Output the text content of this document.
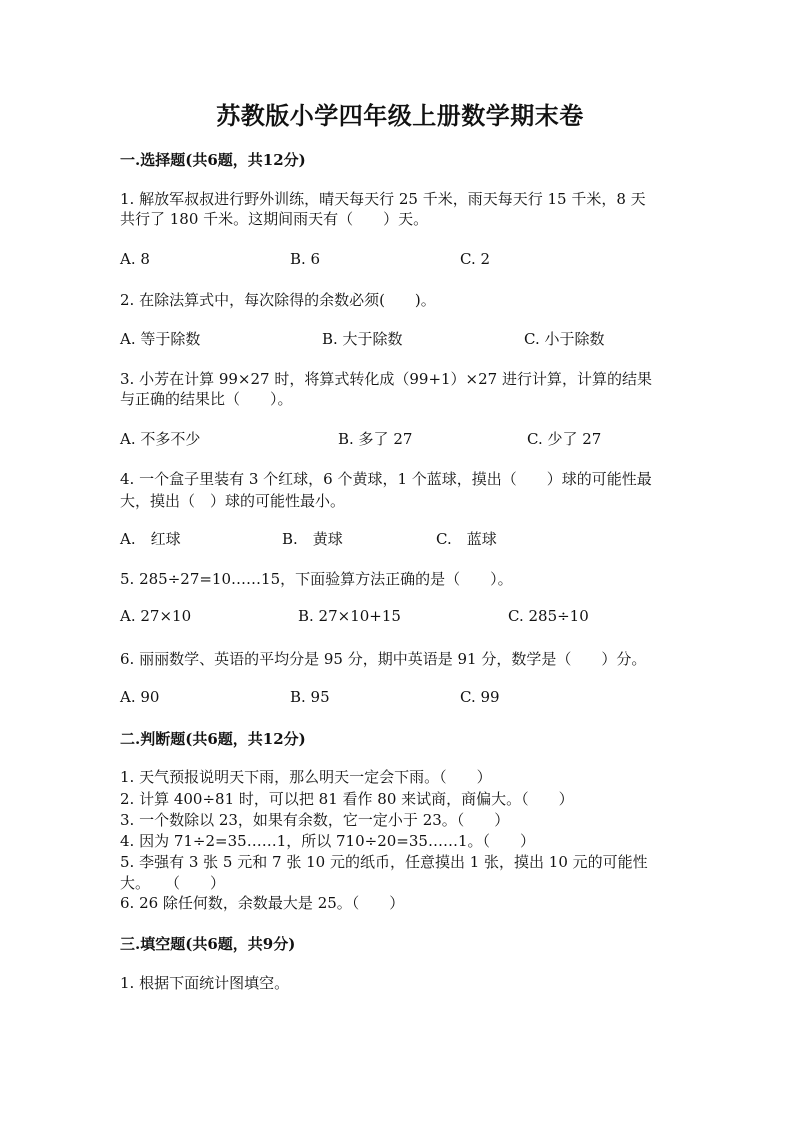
苏教版小学四年级上册数学期末卷
一.选择题(共6题，共12分)
1. 解放军叔叔进行野外训练，晴天每天行 25 千米，雨天每天行 15 千米，8 天
共行了 180 千米。这期间雨天有（　　）天。
A. 8	B. 6	C. 2
2. 在除法算式中，每次除得的余数必须(　　)。
A. 等于除数	B. 大于除数	C. 小于除数
3. 小芳在计算 99×27 时，将算式转化成（99+1）×27 进行计算，计算的结果
与正确的结果比（　　）。
A. 不多不少	B. 多了 27	C. 少了 27
4. 一个盒子里装有 3 个红球，6 个黄球，1 个蓝球，摸出（　　）球的可能性最
大，摸出（　）球的可能性最小。
A.　红球	B.　黄球	C.　蓝球
5. 285÷27=10……15，下面验算方法正确的是（　　）。
A. 27×10	B. 27×10+15	C. 285÷10
6. 丽丽数学、英语的平均分是 95 分，期中英语是 91 分，数学是（　　）分。
A. 90	B. 95	C. 99
二.判断题(共6题，共12分)
1. 天气预报说明天下雨，那么明天一定会下雨。（　　）
2. 计算 400÷81 时，可以把 81 看作 80 来试商，商偏大。（　　）
3. 一个数除以 23，如果有余数，它一定小于 23。（　　）
4. 因为 71÷2=35……1，所以 710÷20=35……1。（　　）
5. 李强有 3 张 5 元和 7 张 10 元的纸币，任意摸出 1 张，摸出 10 元的可能性
大。　　（　　）
6. 26 除任何数，余数最大是 25。（　　）
三.填空题(共6题，共9分)
1. 根据下面统计图填空。
